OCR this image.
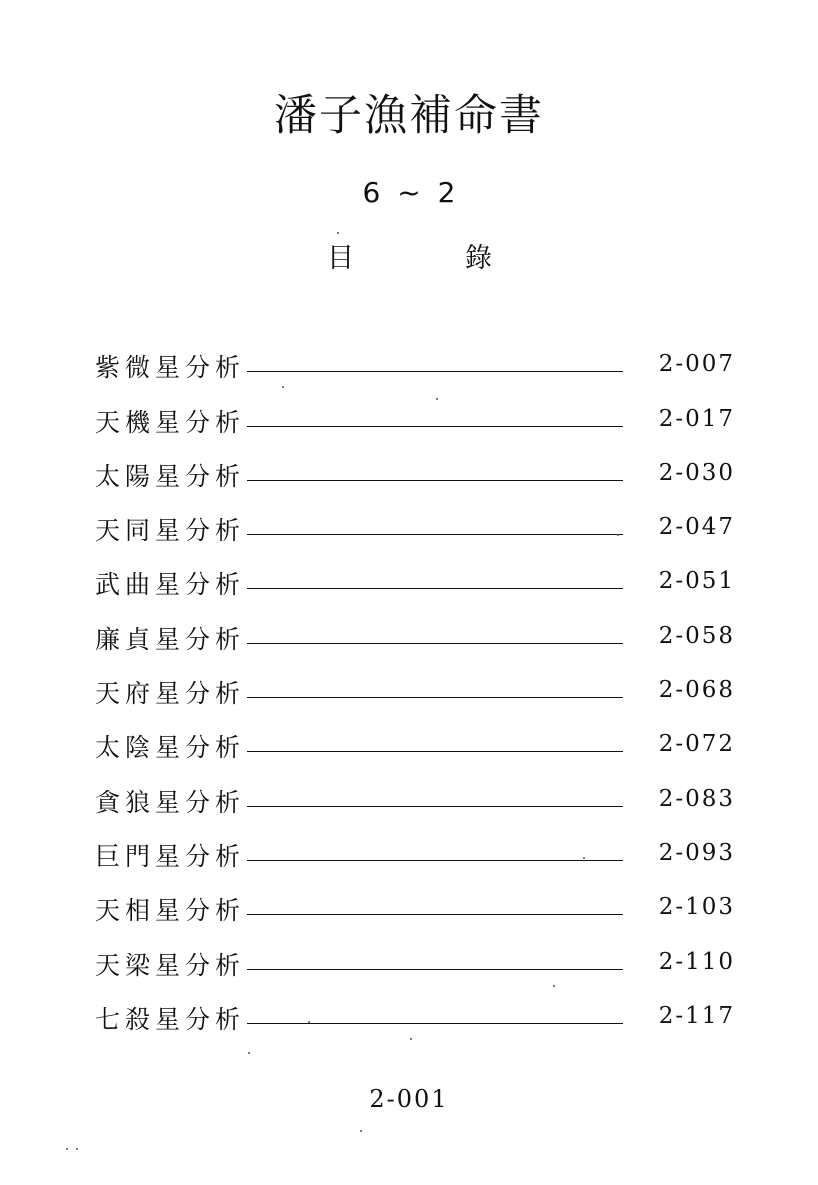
潘子漁補命書
6 ~ 2
目	錄
紫微星分析	2-007
天機星分析	2-017
太陽星分析	2-030
天同星分析	2-047
武曲星分析	2-051
廉貞星分析	2-058
天府星分析	2-068
太陰星分析	2-072
貪狼星分析	2-083
巨門星分析	2-093
天相星分析	2-103
天梁星分析	2-110
七殺星分析	2-117
2-001
